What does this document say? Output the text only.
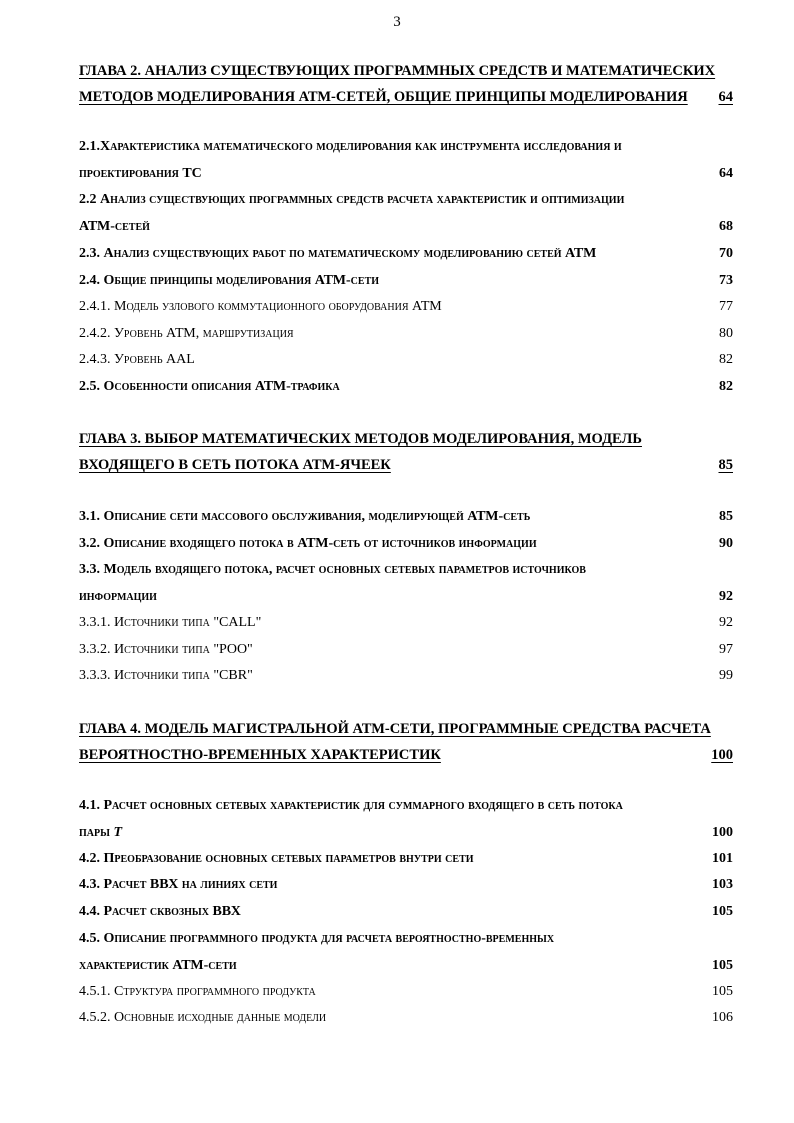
3
ГЛАВА 2. АНАЛИЗ СУЩЕСТВУЮЩИХ ПРОГРАММНЫХ СРЕДСТВ И МАТЕМАТИЧЕСКИХ
МЕТОДОВ МОДЕЛИРОВАНИЯ АТМ-СЕТЕЙ, ОБЩИЕ ПРИНЦИПЫ МОДЕЛИРОВАНИЯ 64
2.1.Характеристика математического моделирования как инструмента исследования и
проектирования ТС	64
2.2 Анализ существующих программных средств расчета характеристик и оптимизации
АТМ-сетей	68
2.3. Анализ существующих работ по математическому моделированию сетей АТМ	70
2.4. Общие принципы моделирования АТМ-сети	73
2.4.1. Модель узлового коммутационного оборудования АТМ	77
2.4.2. Уровень АТМ, маршрутизация	80
2.4.3. Уровень AAL	82
2.5. Особенности описания АТМ-трафика	82
ГЛАВА 3. ВЫБОР МАТЕМАТИЧЕСКИХ МЕТОДОВ МОДЕЛИРОВАНИЯ, МОДЕЛЬ
ВХОДЯЩЕГО В СЕТЬ ПОТОКА АТМ-ЯЧЕЕК	85
3.1. Описание сети массового обслуживания, моделирующей АТМ-сеть	85
3.2. Описание входящего потока в АТМ-сеть от источников информации	90
3.3. Модель входящего потока, расчет основных сетевых параметров источников
информации	92
3.3.1. Источники типа "CALL"	92
3.3.2. Источники типа "POO"	97
3.3.3. Источники типа "CBR"	99
ГЛАВА 4. МОДЕЛЬ МАГИСТРАЛЬНОЙ АТМ-СЕТИ, ПРОГРАММНЫЕ СРЕДСТВА РАСЧЕТА
ВЕРОЯТНОСТНО-ВРЕМЕННЫХ ХАРАКТЕРИСТИК	100
4.1. Расчет основных сетевых характеристик для суммарного входящего в сеть потока
пары T	100
4.2. Преобразование основных сетевых параметров внутри сети	101
4.3. Расчет ВВХ на линиях сети	103
4.4. Расчет сквозных ВВХ	105
4.5. Описание программного продукта для расчета вероятностно-временных
характеристик АТМ-сети	105
4.5.1. Структура программного продукта	105
4.5.2. Основные исходные данные модели	106
